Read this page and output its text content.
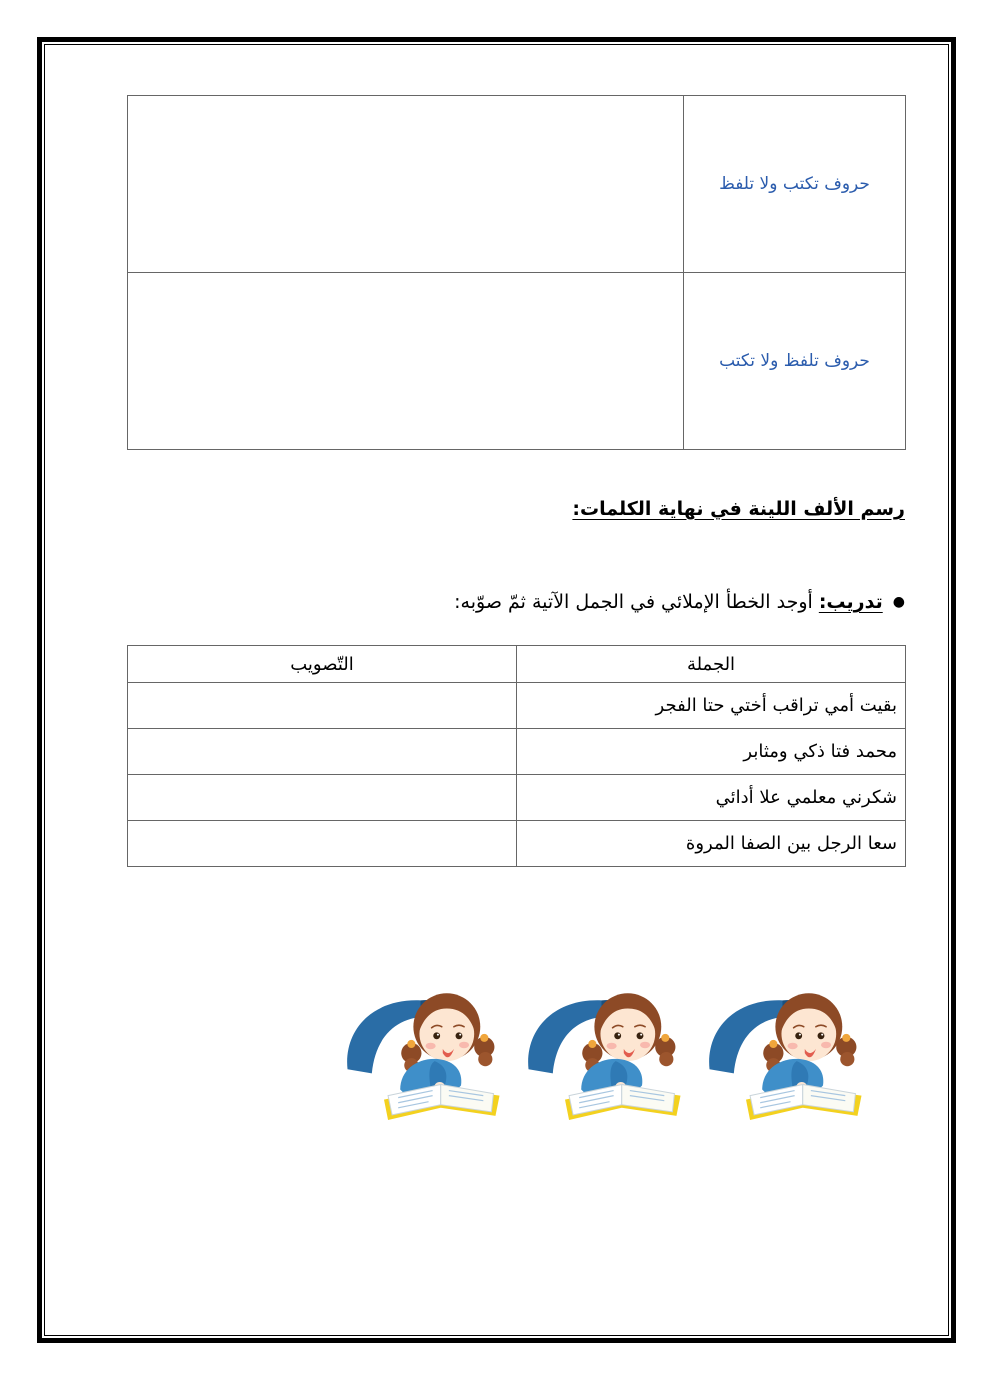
حروف تكتب ولا تلفظ	
حروف تلفظ ولا تكتب	
رسم الألف اللينة في نهاية الكلمات:
● تدريب: أوجد الخطأ الإملائي في الجمل الآتية ثمّ صوّبه:
الجملة	التّصويب
بقيت أمي تراقب أختي حتا الفجر	
محمد فتا ذكي ومثابر	
شكرني معلمي علا أدائي	
سعا الرجل بين الصفا المروة	
